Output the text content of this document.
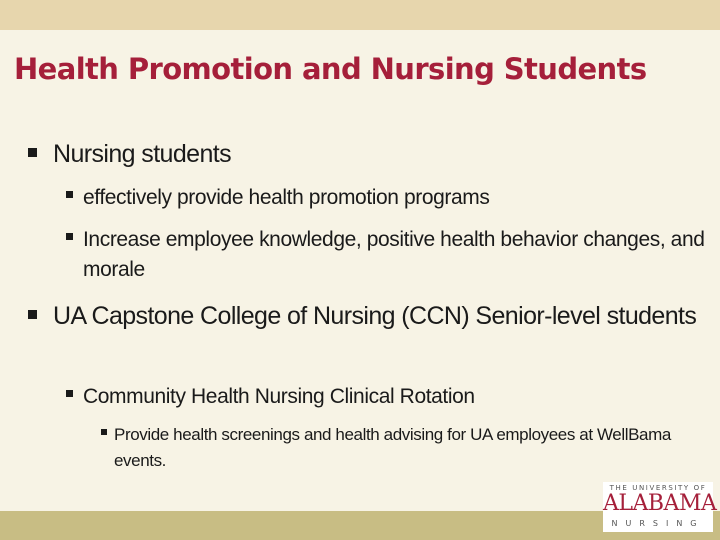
Health Promotion and Nursing Students
Nursing students
effectively provide health promotion programs
Increase employee knowledge, positive health behavior changes, and morale
UA Capstone College of Nursing (CCN) Senior-level students
Community Health Nursing Clinical Rotation
Provide health screenings and health advising for UA employees at WellBama events.
THE UNIVERSITY OF
ALABAMA
NURSING
